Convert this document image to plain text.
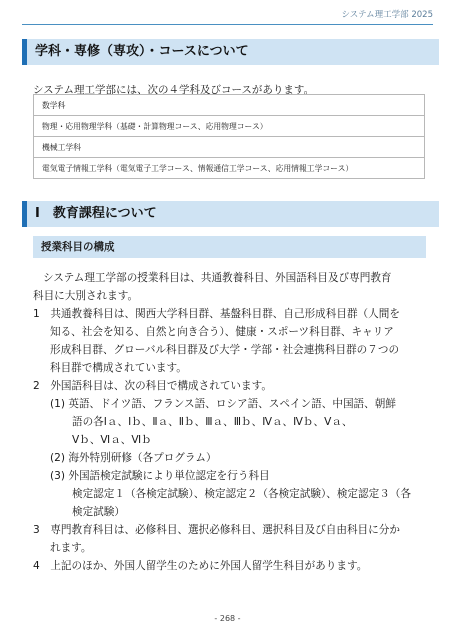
システム理工学部 2025
学科・専修（専攻）・コースについて
システム理工学部には、次の４学科及びコースがあります。
数学科
物理・応用物理学科（基礎・計算物理コース、応用物理コース）
機械工学科
電気電子情報工学科（電気電子工学コース、情報通信工学コース、応用情報工学コース）
Ⅰ　教育課程について
授業科目の構成
システム理工学部の授業科目は、共通教養科目、外国語科目及び専門教育
科目に大別されます。
1　共通教養科目は、関西大学科目群、基盤科目群、自己形成科目群（人間を
知る、社会を知る、自然と向き合う）、健康・スポーツ科目群、キャリア
形成科目群、グローバル科目群及び大学・学部・社会連携科目群の７つの
科目群で構成されています。
2　外国語科目は、次の科目で構成されています。
(1) 英語、ドイツ語、フランス語、ロシア語、スペイン語、中国語、朝鮮
語の各Ⅰａ、Ⅰｂ、Ⅱａ、Ⅱｂ、Ⅲａ、Ⅲｂ、Ⅳａ、Ⅳｂ、Ⅴａ、
Ⅴｂ、Ⅵａ、Ⅵｂ
(2) 海外特別研修（各プログラム）
(3) 外国語検定試験により単位認定を行う科目
検定認定１（各検定試験）、検定認定２（各検定試験）、検定認定３（各
検定試験）
3　専門教育科目は、必修科目、選択必修科目、選択科目及び自由科目に分か
れます。
4　上記のほか、外国人留学生のために外国人留学生科目があります。
- 268 -
